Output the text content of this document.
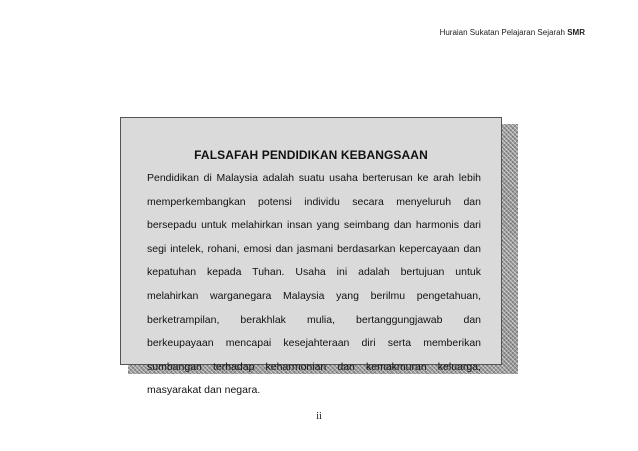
Huraian Sukatan Pelajaran Sejarah SMR
FALSAFAH PENDIDIKAN KEBANGSAAN
Pendidikan di Malaysia adalah suatu usaha berterusan ke arah lebih
memperkembangkan potensi individu secara menyeluruh dan
bersepadu untuk melahirkan insan yang seimbang dan harmonis dari
segi intelek, rohani, emosi dan jasmani berdasarkan kepercayaan dan
kepatuhan kepada Tuhan. Usaha ini adalah bertujuan untuk
melahirkan warganegara Malaysia yang berilmu pengetahuan,
berketrampilan, berakhlak mulia, bertanggungjawab dan
berkeupayaan mencapai kesejahteraan diri serta memberikan
sumbangan terhadap keharmonian dan kemakmuran keluarga,
masyarakat dan negara.
ii
